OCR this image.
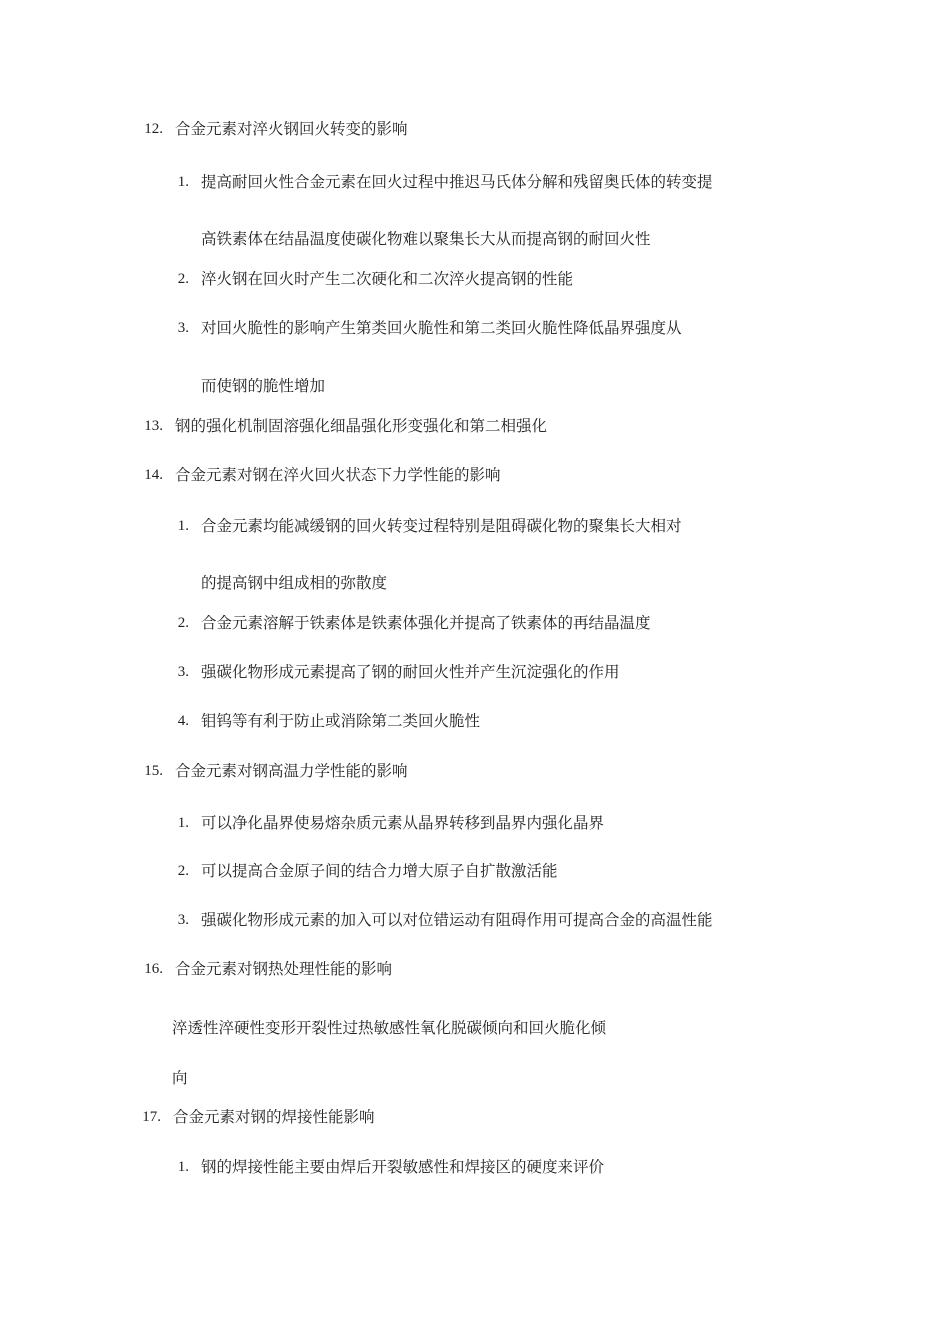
12. 合金元素对淬火钢回火转变的影响

1. 提高耐回火性合金元素在回火过程中推迟马氏体分解和残留奥氏体的转变提

高铁素体在结晶温度使碳化物难以聚集长大从而提高钢的耐回火性

2. 淬火钢在回火时产生二次硬化和二次淬火提高钢的性能

3. 对回火脆性的影响产生第类回火脆性和第二类回火脆性降低晶界强度从

而使钢的脆性增加

13. 钢的强化机制固溶强化细晶强化形变强化和第二相强化

14. 合金元素对钢在淬火回火状态下力学性能的影响

1. 合金元素均能减缓钢的回火转变过程特别是阻碍碳化物的聚集长大相对

的提高钢中组成相的弥散度

2. 合金元素溶解于铁素体是铁素体强化并提高了铁素体的再结晶温度

3. 强碳化物形成元素提高了钢的耐回火性并产生沉淀强化的作用

4. 钼钨等有利于防止或消除第二类回火脆性

15. 合金元素对钢高温力学性能的影响

1. 可以净化晶界使易熔杂质元素从晶界转移到晶界内强化晶界

2. 可以提高合金原子间的结合力增大原子自扩散激活能

3. 强碳化物形成元素的加入可以对位错运动有阻碍作用可提高合金的高温性能

16. 合金元素对钢热处理性能的影响

淬透性淬硬性变形开裂性过热敏感性氧化脱碳倾向和回火脆化倾

向

17. 合金元素对钢的焊接性能影响

1. 钢的焊接性能主要由焊后开裂敏感性和焊接区的硬度来评价
